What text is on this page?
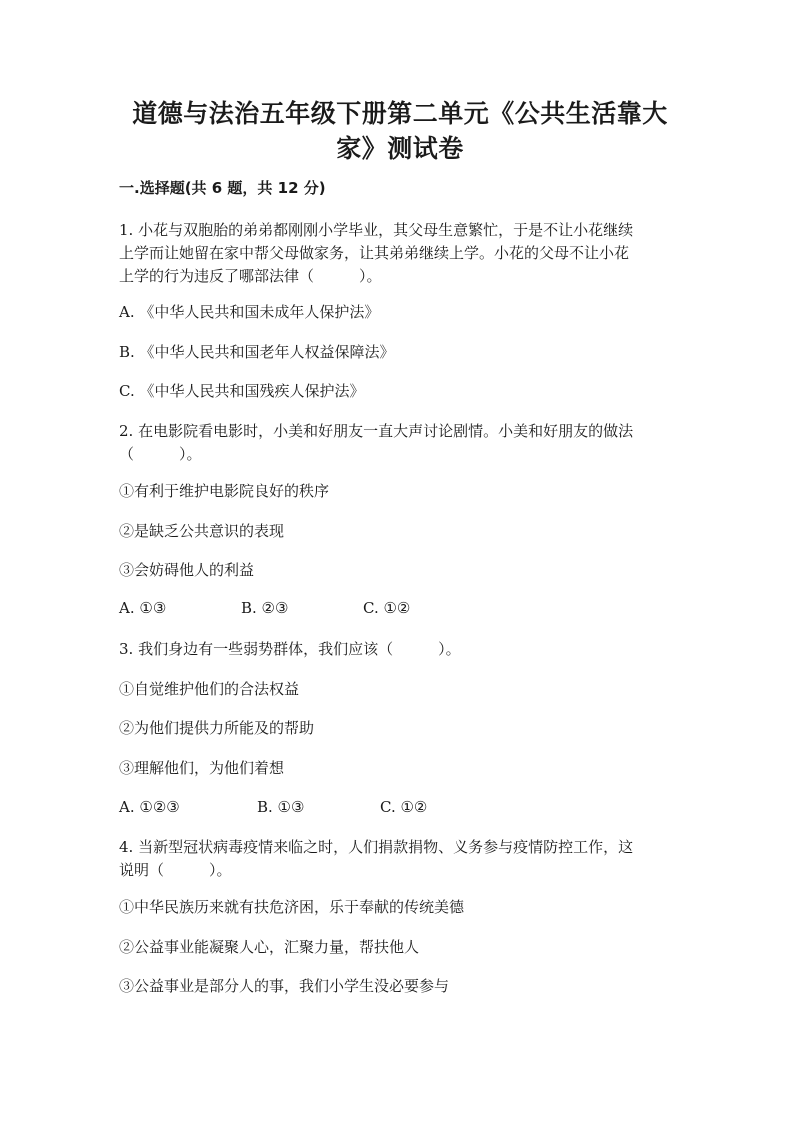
道德与法治五年级下册第二单元《公共生活靠大
家》测试卷
一.选择题(共 6 题，共 12 分)
1. 小花与双胞胎的弟弟都刚刚小学毕业，其父母生意繁忙，于是不让小花继续
上学而让她留在家中帮父母做家务，让其弟弟继续上学。小花的父母不让小花
上学的行为违反了哪部法律（　　　）。
A. 《中华人民共和国未成年人保护法》
B. 《中华人民共和国老年人权益保障法》
C. 《中华人民共和国残疾人保护法》
2. 在电影院看电影时，小美和好朋友一直大声讨论剧情。小美和好朋友的做法
（　　　）。
①有利于维护电影院良好的秩序
②是缺乏公共意识的表现
③会妨碍他人的利益
A. ①③	B. ②③	C. ①②
3. 我们身边有一些弱势群体，我们应该（　　　）。
①自觉维护他们的合法权益
②为他们提供力所能及的帮助
③理解他们，为他们着想
A. ①②③	B. ①③	C. ①②
4. 当新型冠状病毒疫情来临之时，人们捐款捐物、义务参与疫情防控工作，这
说明（　　　）。
①中华民族历来就有扶危济困，乐于奉献的传统美德
②公益事业能凝聚人心，汇聚力量，帮扶他人
③公益事业是部分人的事，我们小学生没必要参与
